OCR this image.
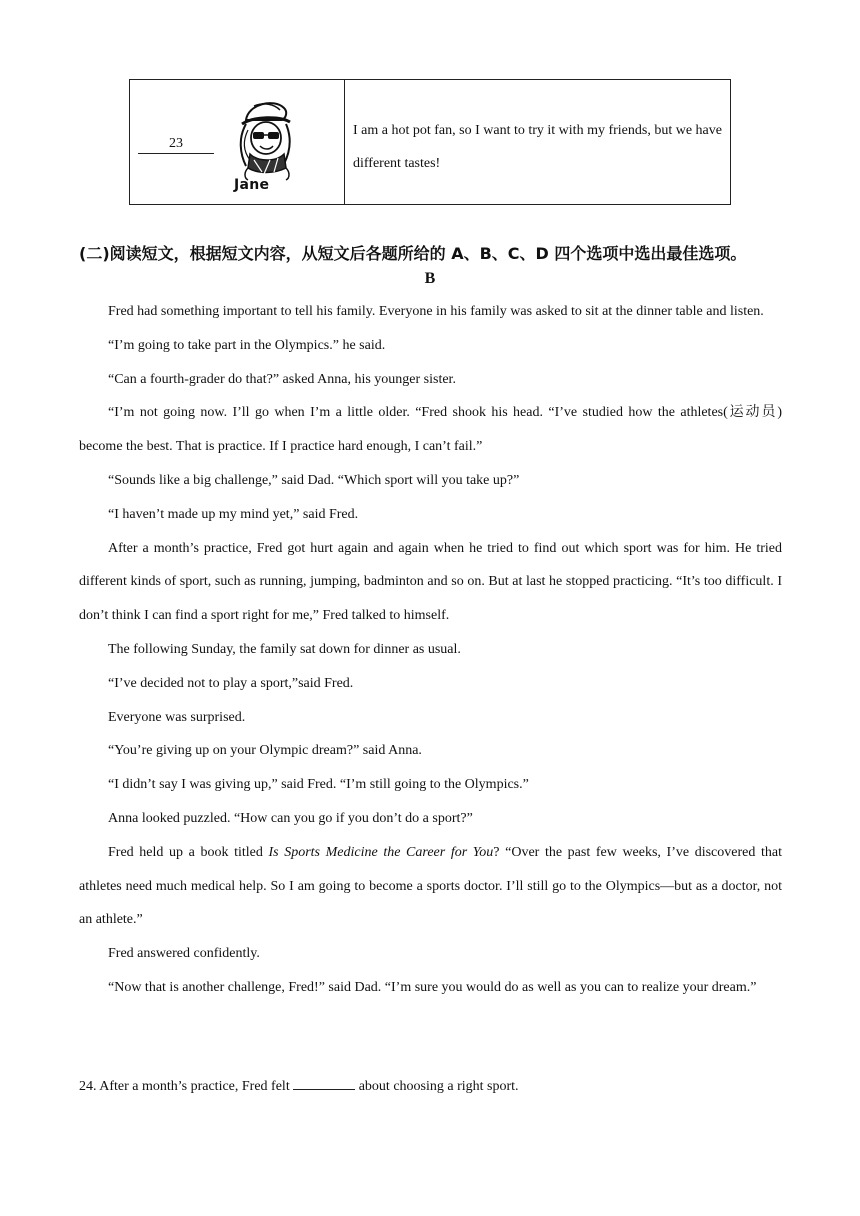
23
Jane
I am a hot pot fan, so I want to try it with my friends, but we have different tastes!
(二)阅读短文，根据短文内容，从短文后各题所给的 A、B、C、D 四个选项中选出最佳选项。
B

Fred had something important to tell his family. Everyone in his family was asked to sit at the dinner table and listen.

“I’m going to take part in the Olympics.” he said.

“Can a fourth-grader do that?” asked Anna, his younger sister.

“I’m not going now. I’ll go when I’m a little older. “Fred shook his head. “I’ve studied how the athletes(运动员) become the best. That is practice. If I practice hard enough, I can’t fail.”

“Sounds like a big challenge,” said Dad. “Which sport will you take up?”

“I haven’t made up my mind yet,” said Fred.

After a month’s practice, Fred got hurt again and again when he tried to find out which sport was for him. He tried different kinds of sport, such as running, jumping, badminton and so on. But at last he stopped practicing. “It’s too difficult. I don’t think I can find a sport right for me,” Fred talked to himself.

The following Sunday, the family sat down for dinner as usual.

“I’ve decided not to play a sport,”said Fred.

Everyone was surprised.

“You’re giving up on your Olympic dream?” said Anna.

“I didn’t say I was giving up,” said Fred. “I’m still going to the Olympics.”

Anna looked puzzled. “How can you go if you don’t do a sport?”

Fred held up a book titled Is Sports Medicine the Career for You? “Over the past few weeks, I’ve discovered that athletes need much medical help. So I am going to become a sports doctor. I’ll still go to the Olympics—but as a doctor, not an athlete.”

Fred answered confidently.

“Now that is another challenge, Fred!” said Dad. “I’m sure you would do as well as you can to realize your dream.”

24. After a month’s practice, Fred felt	about choosing a right sport.
